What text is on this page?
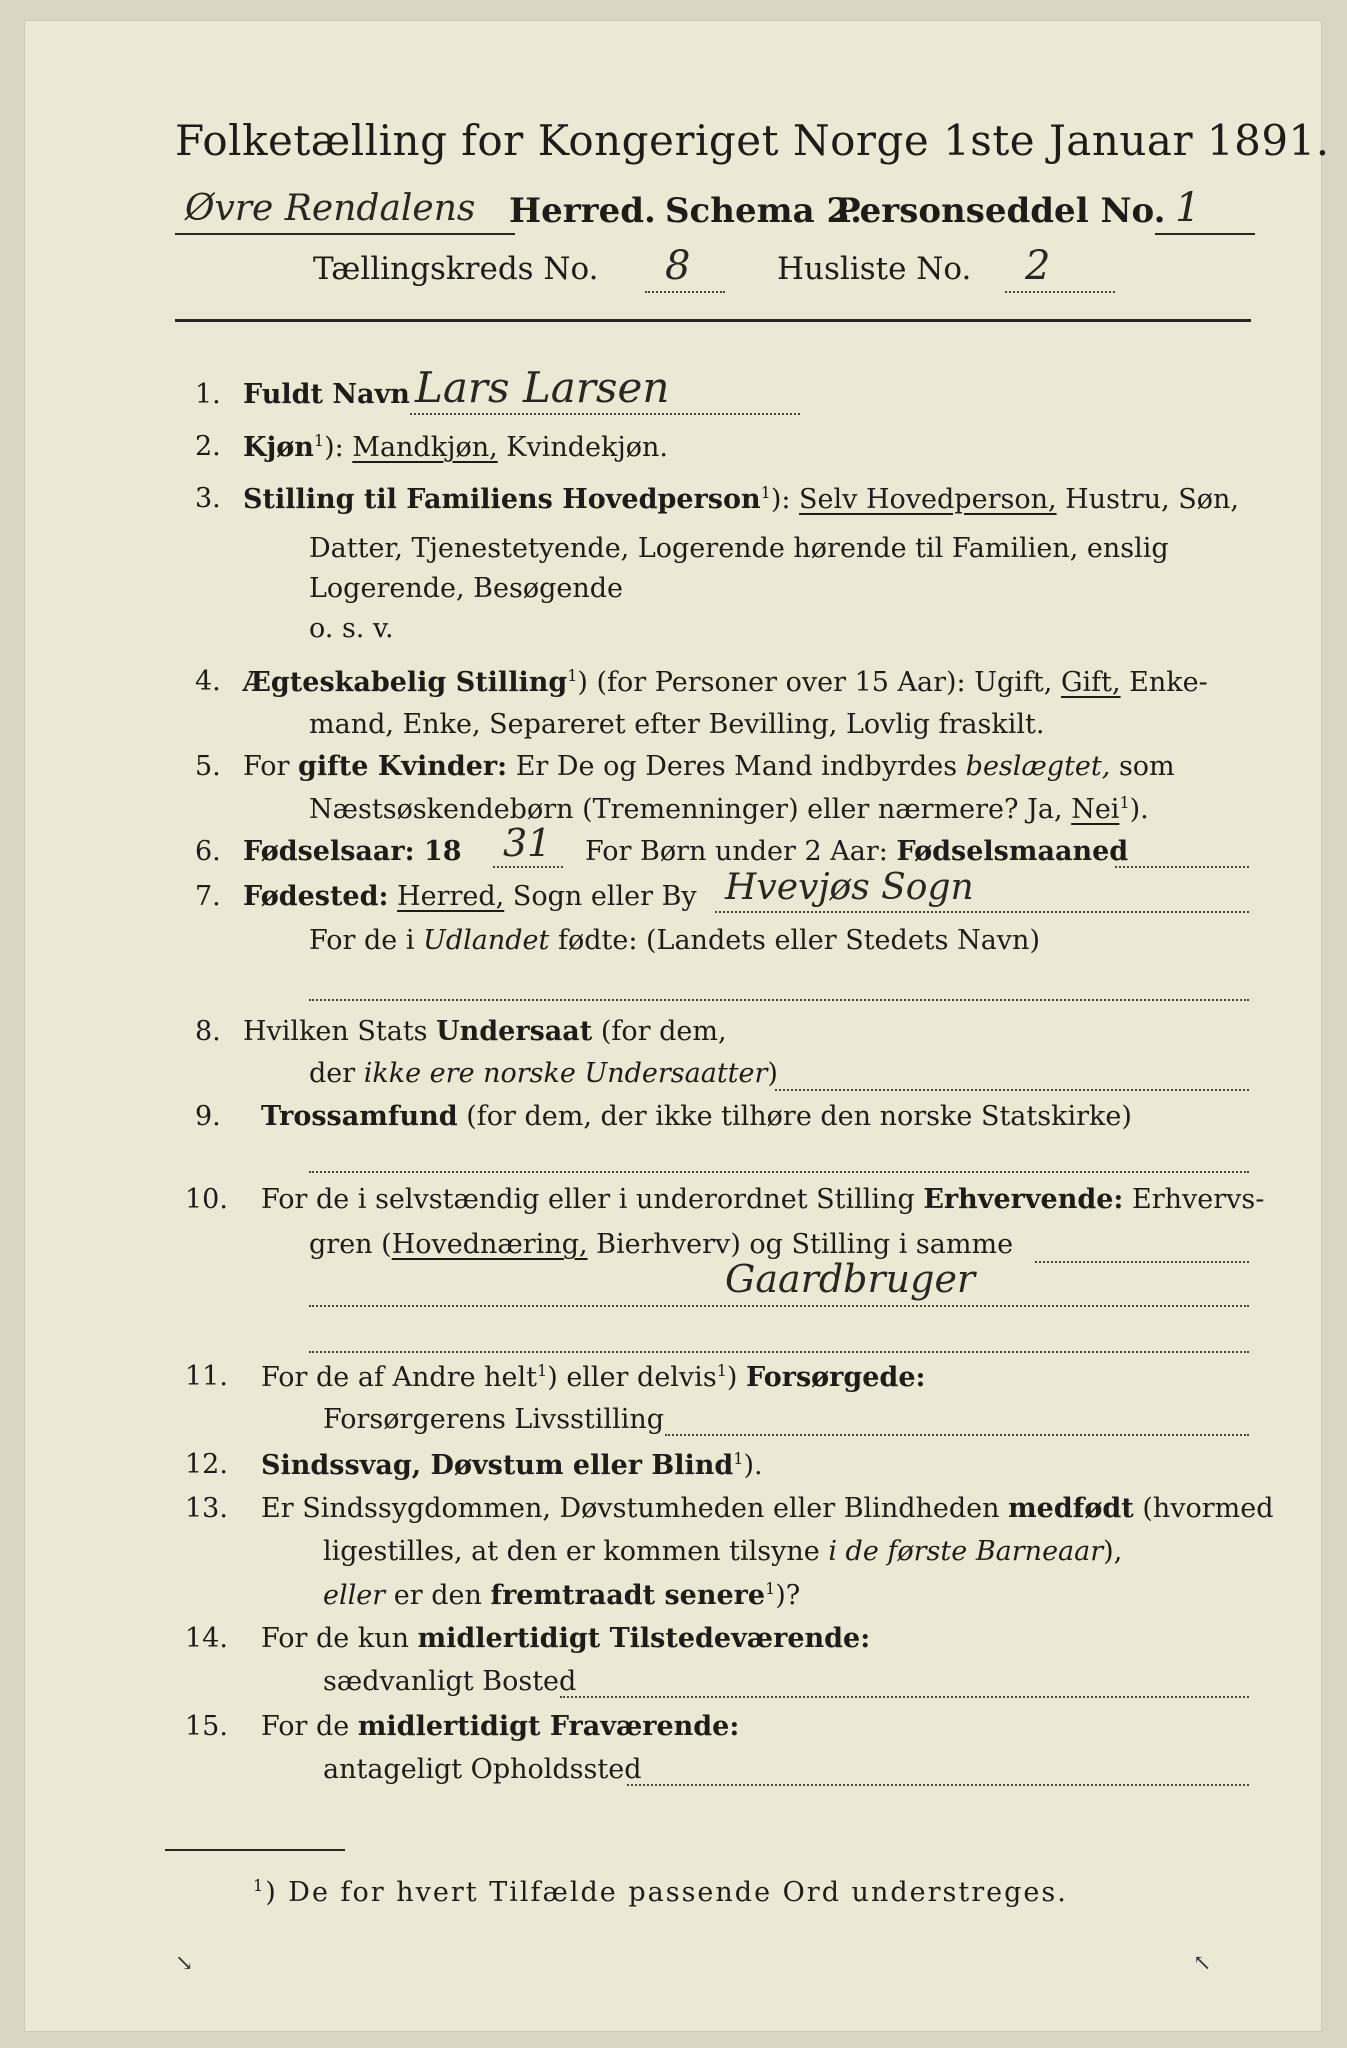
Folketælling for Kongeriget Norge 1ste Januar 1891.
Øvre Rendalens Herred. Schema 2.
Personseddel No. 1
Tællingskreds No. 8	Husliste No. 2
1. Fuldt Navn Lars Larsen
2. Kjøn$^1$): Mandkjøn, Kvindekjøn.
3. Stilling til Familiens Hovedperson$^1$): Selv Hovedperson, Hustru, Søn,
Datter, Tjenestetyende, Logerende hørende til Familien, enslig
Logerende, Besøgende
o. s. v.
4. Ægteskabelig Stilling$^1$) (for Personer over 15 Aar): Ugift, Gift, Enke-
mand, Enke, Separeret efter Bevilling, Lovlig fraskilt.
5. For gifte Kvinder: Er De og Deres Mand indbyrdes beslægtet, som
Næstsøskendebørn (Tremenninger) eller nærmere? Ja, Nei$^1$).
6. Fødselsaar: 18 31 For Børn under 2 Aar: Fødselsmaaned
7. Fødested: Herred, Sogn eller By Hvevjøs Sogn
For de i Udlandet fødte: (Landets eller Stedets Navn)
8. Hvilken Stats Undersaat (for dem,
der ikke ere norske Undersaatter)
9. Trossamfund (for dem, der ikke tilhøre den norske Statskirke)
10. For de i selvstændig eller i underordnet Stilling Erhvervende: Erhvervs-
gren (Hovednæring, Bierhverv) og Stilling i samme
Gaardbruger
11. For de af Andre helt$^1$) eller delvis$^1$) Forsørgede:
Forsørgerens Livsstilling
12. Sindssvag, Døvstum eller Blind$^1$).
13. Er Sindssygdommen, Døvstumheden eller Blindheden medfødt (hvormed
ligestilles, at den er kommen tilsyne i de første Barneaar),
eller er den fremtraadt senere$^1$)?
14. For de kun midlertidigt Tilstedeværende:
sædvanligt Bosted
15. For de midlertidigt Fraværende:
antageligt Opholdssted
$^1$) De for hvert Tilfælde passende Ord understreges.
↘	↖
